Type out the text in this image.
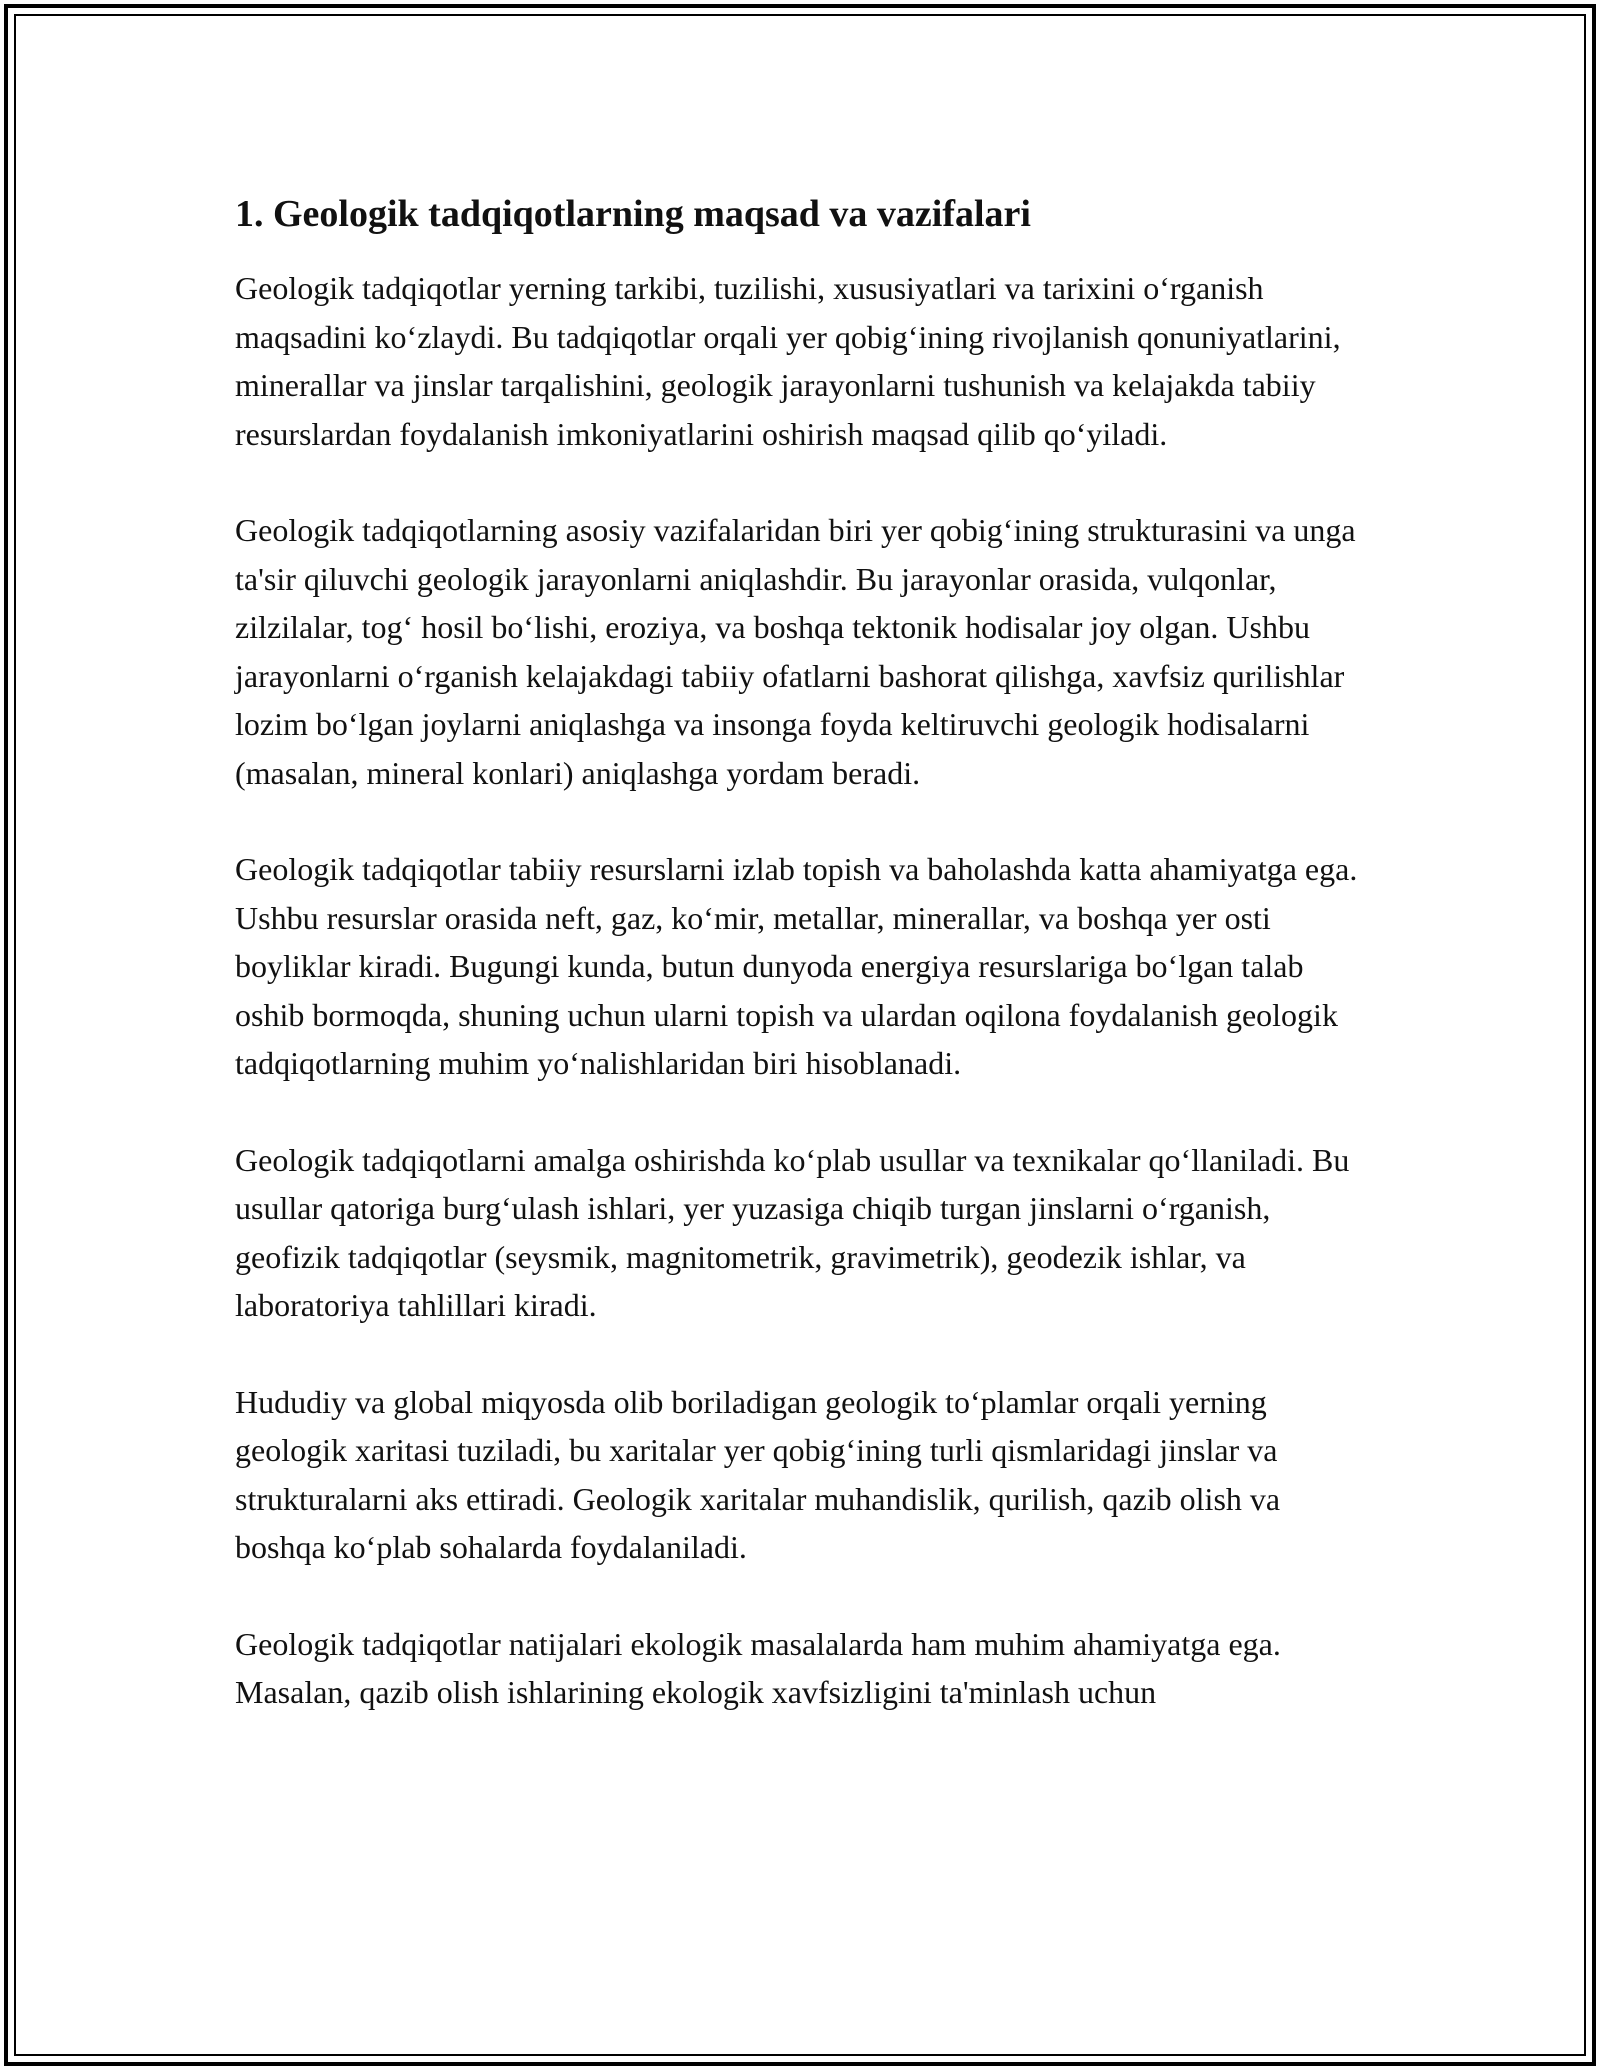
1. Geologik tadqiqotlarning maqsad va vazifalari

Geologik tadqiqotlar yerning tarkibi, tuzilishi, xususiyatlari va tarixini o‘rganish maqsadini ko‘zlaydi. Bu tadqiqotlar orqali yer qobig‘ining rivojlanish qonuniyatlarini, minerallar va jinslar tarqalishini, geologik jarayonlarni tushunish va kelajakda tabiiy resurslardan foydalanish imkoniyatlarini oshirish maqsad qilib qo‘yiladi.

Geologik tadqiqotlarning asosiy vazifalaridan biri yer qobig‘ining strukturasini va unga ta'sir qiluvchi geologik jarayonlarni aniqlashdir. Bu jarayonlar orasida, vulqonlar, zilzilalar, tog‘ hosil bo‘lishi, eroziya, va boshqa tektonik hodisalar joy olgan. Ushbu jarayonlarni o‘rganish kelajakdagi tabiiy ofatlarni bashorat qilishga, xavfsiz qurilishlar lozim bo‘lgan joylarni aniqlashga va insonga foyda keltiruvchi geologik hodisalarni (masalan, mineral konlari) aniqlashga yordam beradi.

Geologik tadqiqotlar tabiiy resurslarni izlab topish va baholashda katta ahamiyatga ega. Ushbu resurslar orasida neft, gaz, ko‘mir, metallar, minerallar, va boshqa yer osti boyliklar kiradi. Bugungi kunda, butun dunyoda energiya resurslariga bo‘lgan talab oshib bormoqda, shuning uchun ularni topish va ulardan oqilona foydalanish geologik tadqiqotlarning muhim yo‘nalishlaridan biri hisoblanadi.

Geologik tadqiqotlarni amalga oshirishda ko‘plab usullar va texnikalar qo‘llaniladi. Bu usullar qatoriga burg‘ulash ishlari, yer yuzasiga chiqib turgan jinslarni o‘rganish, geofizik tadqiqotlar (seysmik, magnitometrik, gravimetrik), geodezik ishlar, va laboratoriya tahlillari kiradi.

Hududiy va global miqyosda olib boriladigan geologik to‘plamlar orqali yerning geologik xaritasi tuziladi, bu xaritalar yer qobig‘ining turli qismlaridagi jinslar va strukturalarni aks ettiradi. Geologik xaritalar muhandislik, qurilish, qazib olish va boshqa ko‘plab sohalarda foydalaniladi.

Geologik tadqiqotlar natijalari ekologik masalalarda ham muhim ahamiyatga ega. Masalan, qazib olish ishlarining ekologik xavfsizligini ta'minlash uchun
